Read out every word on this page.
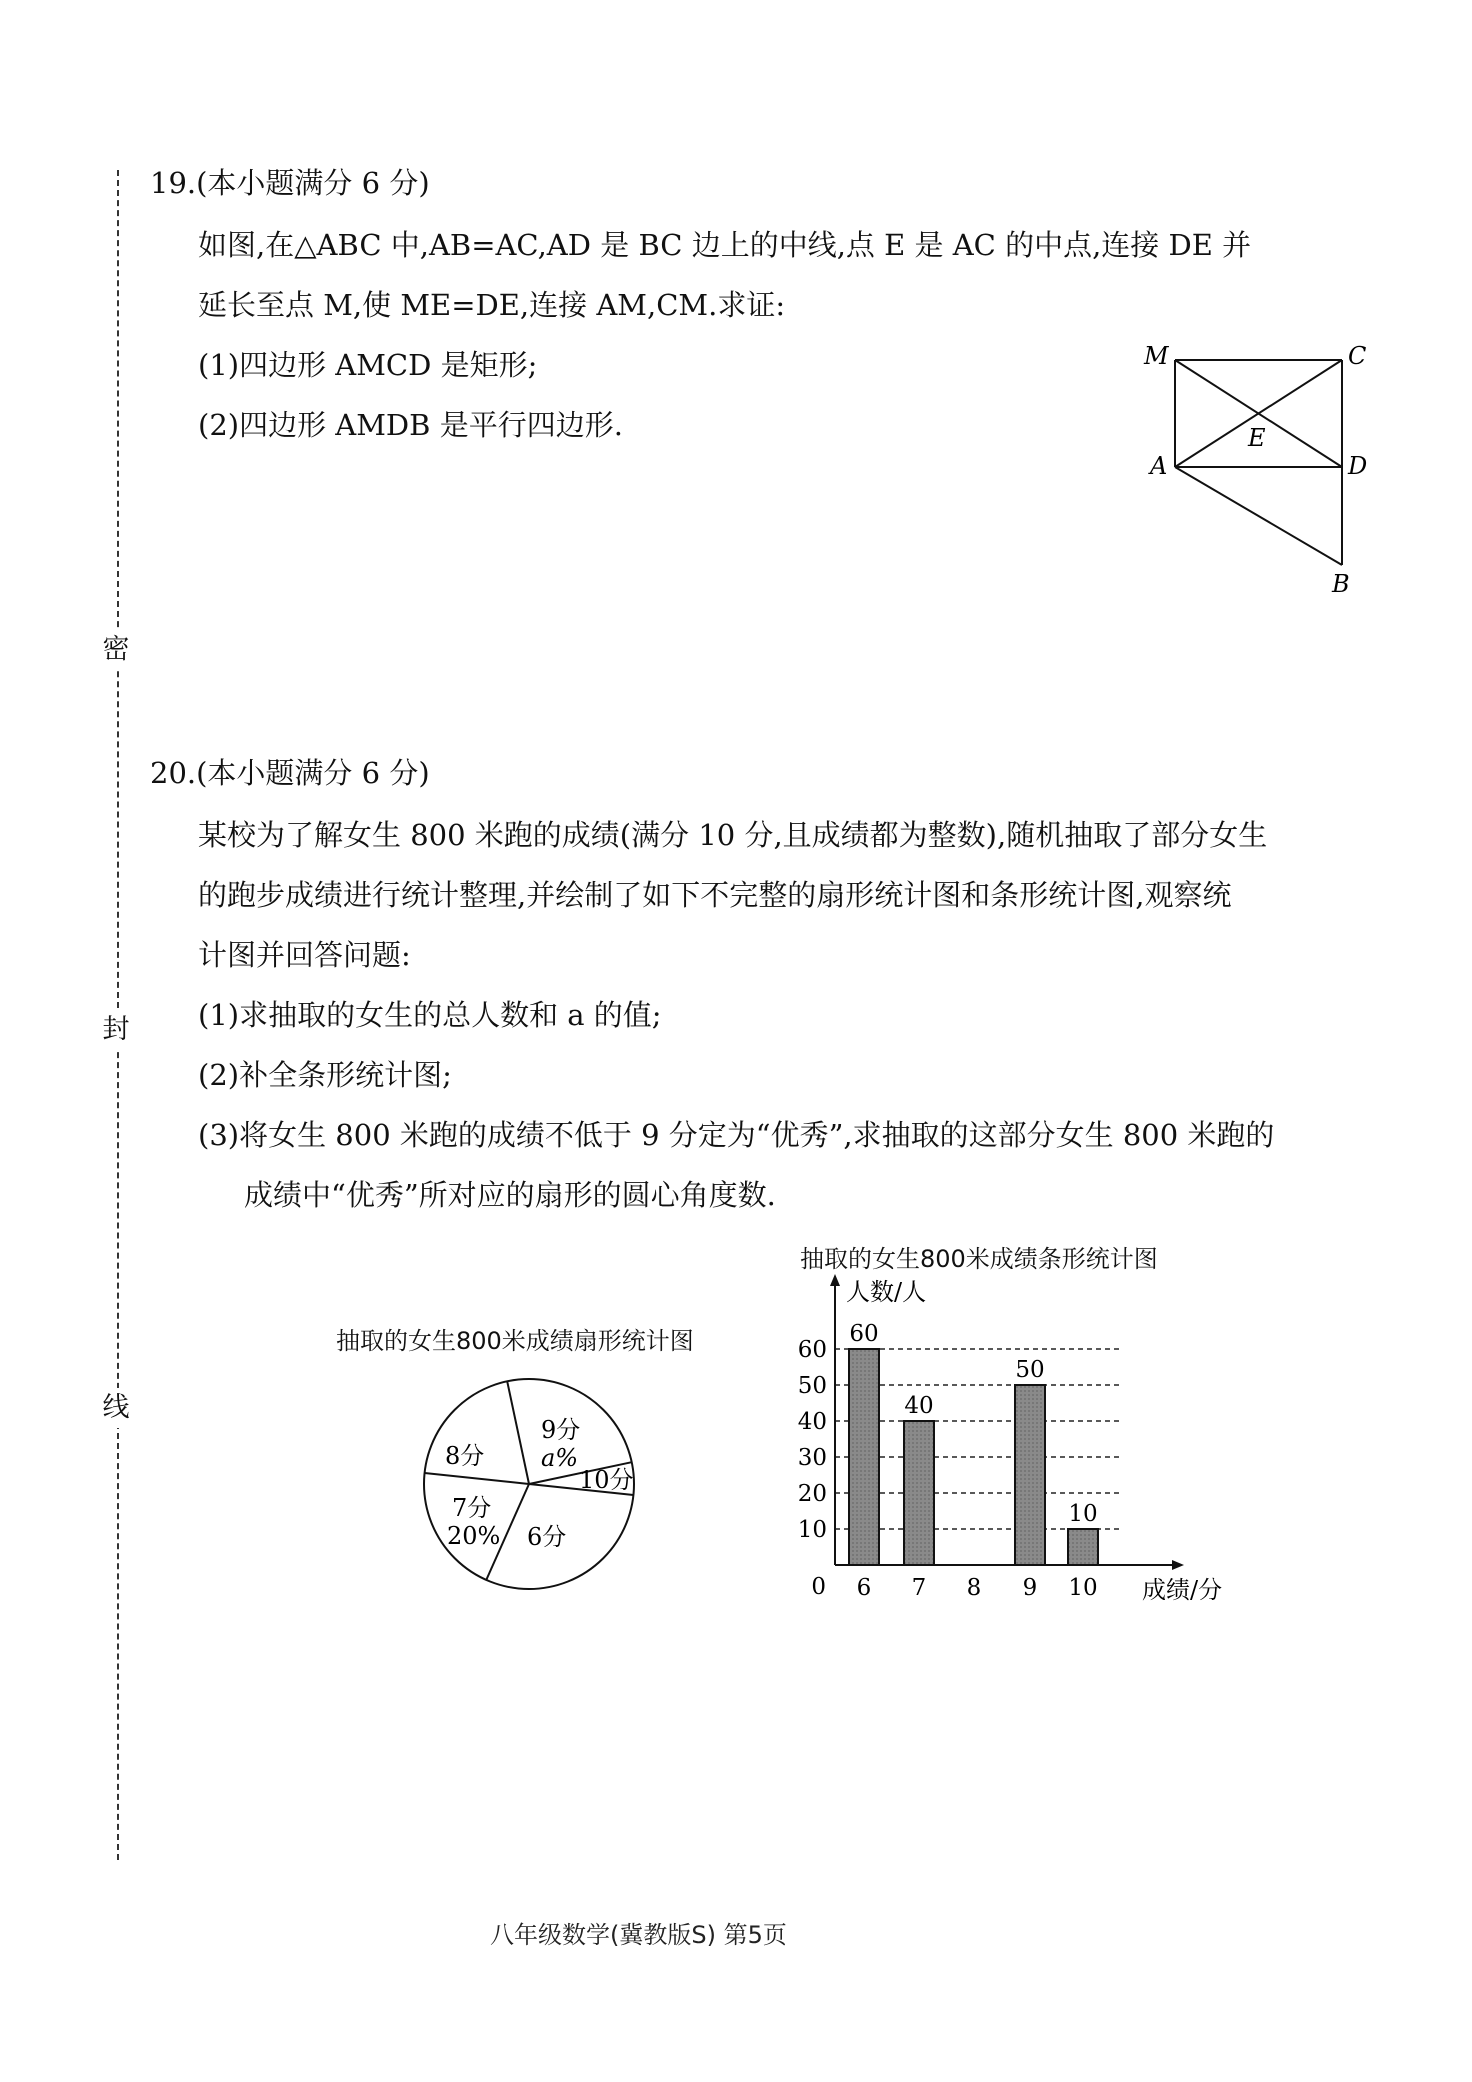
密
封
线
19.(本小题满分 6 分)
如图,在△ABC 中,AB=AC,AD 是 BC 边上的中线,点 E 是 AC 的中点,连接 DE 并
延长至点 M,使 ME=DE,连接 AM,CM.求证:
(1)四边形 AMCD 是矩形;
(2)四边形 AMDB 是平行四边形.
M	C
E
A	D
B
20.(本小题满分 6 分)
某校为了解女生 800 米跑的成绩(满分 10 分,且成绩都为整数),随机抽取了部分女生
的跑步成绩进行统计整理,并绘制了如下不完整的扇形统计图和条形统计图,观察统
计图并回答问题:
(1)求抽取的女生的总人数和 a 的值;
(2)补全条形统计图;
(3)将女生 800 米跑的成绩不低于 9 分定为“优秀”,求抽取的这部分女生 800 米跑的
成绩中“优秀”所对应的扇形的圆心角度数.
抽取的女生800米成绩扇形统计图
9分
a%
10分
6分
7分
20%
8分
抽取的女生800米成绩条形统计图
人数/人
成绩/分
0
10
20
30
40
50
60
60
40
50
10
6 7 8 9 10
八年级数学(冀教版S) 第5页
